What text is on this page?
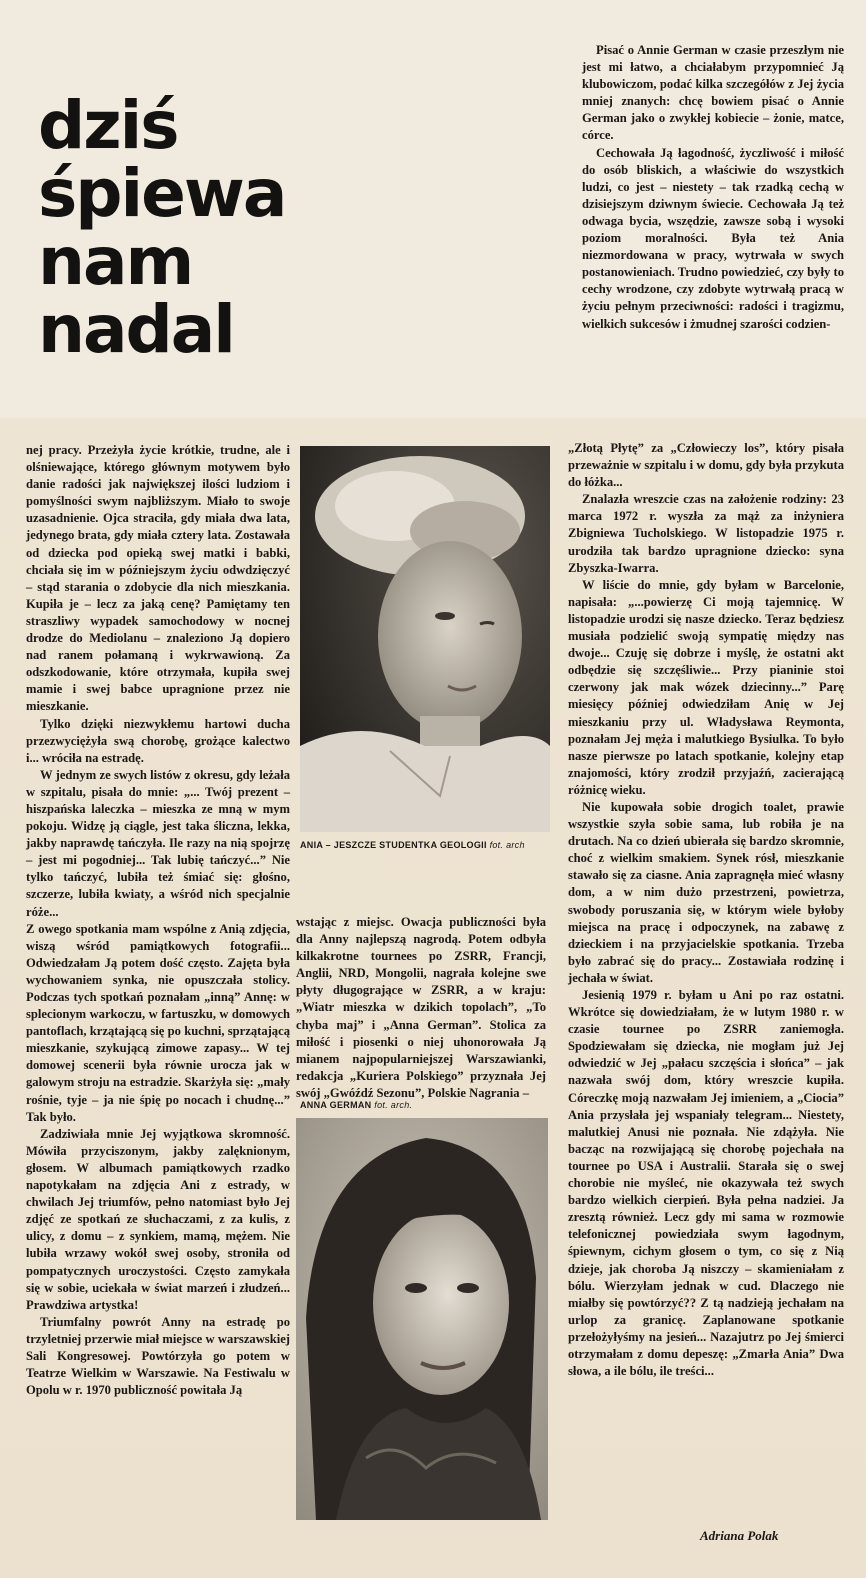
dziś
śpiewa
nam
nadal

Pisać o Annie German w czasie przeszłym nie jest mi łatwo, a chciałabym przypomnieć Ją klubowiczom, podać kilka szczegółów z Jej życia mniej znanych: chcę bowiem pisać o Annie German jako o zwykłej kobiecie – żonie, matce, córce.

Cechowała Ją łagodność, życzliwość i miłość do osób bliskich, a właściwie do wszystkich ludzi, co jest – niestety – tak rzadką cechą w dzisiejszym dziwnym świecie. Cechowała Ją też odwaga bycia, wszędzie, zawsze sobą i wysoki poziom moralności. Była też Ania niezmordowana w pracy, wytrwała w swych postanowieniach. Trudno powiedzieć, czy były to cechy wrodzone, czy zdobyte wytrwałą pracą w życiu pełnym przeciwności: radości i tragizmu, wielkich sukcesów i żmudnej szarości codzien-

nej pracy. Przeżyła życie krótkie, trudne, ale i olśniewające, którego głównym motywem było danie radości jak największej ilości ludziom i pomyślności swym najbliższym. Miało to swoje uzasadnienie. Ojca straciła, gdy miała dwa lata, jedynego brata, gdy miała cztery lata. Zostawała od dziecka pod opieką swej matki i babki, chciała się im w późniejszym życiu odwdzięczyć – stąd starania o zdobycie dla nich mieszkania. Kupiła je – lecz za jaką cenę? Pamiętamy ten straszliwy wypadek samochodowy w nocnej drodze do Mediolanu – znaleziono Ją dopiero nad ranem połamaną i wykrwawioną. Za odszkodowanie, które otrzymała, kupiła swej mamie i swej babce upragnione przez nie mieszkanie.

Tylko dzięki niezwykłemu hartowi ducha przezwyciężyła swą chorobę, grożące kalectwo i... wróciła na estradę.

W jednym ze swych listów z okresu, gdy leżała w szpitalu, pisała do mnie: „... Twój prezent – hiszpańska laleczka – mieszka ze mną w mym pokoju. Widzę ją ciągle, jest taka śliczna, lekka, jakby naprawdę tańczyła. Ile razy na nią spojrzę – jest mi pogodniej... Tak lubię tańczyć...” Nie tylko tańczyć, lubiła też śmiać się: głośno, szczerze, lubiła kwiaty, a wśród nich specjalnie róże...

Z owego spotkania mam wspólne z Anią zdjęcia, wiszą wśród pamiątkowych fotografii... Odwiedzałam Ją potem dość często. Zajęta była wychowaniem synka, nie opuszczała stolicy. Podczas tych spotkań poznałam „inną” Annę: w splecionym warkoczu, w fartuszku, w domowych pantoflach, krzątającą się po kuchni, sprzątającą mieszkanie, szykującą zimowe zapasy... W tej domowej scenerii była równie urocza jak w galowym stroju na estradzie. Skarżyła się: „mały rośnie, tyje – ja nie śpię po nocach i chudnę...” Tak było.

Zadziwiała mnie Jej wyjątkowa skromność. Mówiła przyciszonym, jakby zalęknionym, głosem. W albumach pamiątkowych rzadko napotykałam na zdjęcia Ani z estrady, w chwilach Jej triumfów, pełno natomiast było Jej zdjęć ze spotkań ze słuchaczami, z za kulis, z ulicy, z domu – z synkiem, mamą, mężem. Nie lubiła wrzawy wokół swej osoby, stroniła od pompatycznych uroczystości. Często zamykała się w sobie, uciekała w świat marzeń i złudzeń... Prawdziwa artystka!

Triumfalny powrót Anny na estradę po trzyletniej przerwie miał miejsce w warszawskiej Sali Kongresowej. Powtórzyła go potem w Teatrze Wielkim w Warszawie. Na Festiwalu w Opolu w r. 1970 publiczność powitała Ją

ANIA – JESZCZE STUDENTKA GEOLOGII fot. arch

wstając z miejsc. Owacja publiczności była dla Anny najlepszą nagrodą. Potem odbyła kilkakrotne tournees po ZSRR, Francji, Anglii, NRD, Mongolii, nagrała kolejne swe płyty długogrające w ZSRR, a w kraju: „Wiatr mieszka w dzikich topolach”, „To chyba maj” i „Anna German”. Stolica za miłość i piosenki o niej uhonorowała Ją mianem najpopularniejszej Warszawianki, redakcja „Kuriera Polskiego” przyznała Jej swój „Gwóźdź Sezonu”, Polskie Nagrania –

ANNA GERMAN fot. arch.

„Złotą Płytę” za „Człowieczy los”, który pisała przeważnie w szpitalu i w domu, gdy była przykuta do łóżka...

Znalazła wreszcie czas na założenie rodziny: 23 marca 1972 r. wyszła za mąż za inżyniera Zbigniewa Tucholskiego. W listopadzie 1975 r. urodziła tak bardzo upragnione dziecko: syna Zbyszka-Iwarra.

W liście do mnie, gdy byłam w Barcelonie, napisała: „...powierzę Ci moją tajemnicę. W listopadzie urodzi się nasze dziecko. Teraz będziesz musiała podzielić swoją sympatię między nas dwoje... Czuję się dobrze i myślę, że ostatni akt odbędzie się szczęśliwie... Przy pianinie stoi czerwony jak mak wózek dziecinny...” Parę miesięcy później odwiedziłam Anię w Jej mieszkaniu przy ul. Władysława Reymonta, poznałam Jej męża i malutkiego Bysiulka. To było nasze pierwsze po latach spotkanie, kolejny etap znajomości, który zrodził przyjaźń, zacierającą różnicę wieku.

Nie kupowała sobie drogich toalet, prawie wszystkie szyła sobie sama, lub robiła je na drutach. Na co dzień ubierała się bardzo skromnie, choć z wielkim smakiem. Synek rósł, mieszkanie stawało się za ciasne. Ania zapragnęła mieć własny dom, a w nim dużo przestrzeni, powietrza, swobody poruszania się, w którym wiele byłoby miejsca na pracę i odpoczynek, na zabawę z dzieckiem i na przyjacielskie spotkania. Trzeba było zabrać się do pracy... Zostawiała rodzinę i jechała w świat.

Jesienią 1979 r. byłam u Ani po raz ostatni. Wkrótce się dowiedziałam, że w lutym 1980 r. w czasie tournee po ZSRR zaniemogła. Spodziewałam się dziecka, nie mogłam już Jej odwiedzić w Jej „pałacu szczęścia i słońca” – jak nazwała swój dom, który wreszcie kupiła. Córeczkę moją nazwałam Jej imieniem, a „Ciocia” Ania przysłała jej wspaniały telegram... Niestety, malutkiej Anusi nie poznała. Nie zdążyła. Nie bacząc na rozwijającą się chorobę pojechała na tournee po USA i Australii. Starała się o swej chorobie nie myśleć, nie okazywała też swych bardzo wielkich cierpień. Była pełna nadziei. Ja zresztą również. Lecz gdy mi sama w rozmowie telefonicznej powiedziała swym łagodnym, śpiewnym, cichym głosem o tym, co się z Nią dzieje, jak choroba Ją niszczy – skamieniałam z bólu. Wierzyłam jednak w cud. Dlaczego nie miałby się powtórzyć?? Z tą nadzieją jechałam na urlop za granicę. Zaplanowane spotkanie przełożyłyśmy na jesień... Nazajutrz po Jej śmierci otrzymałam z domu depeszę: „Zmarła Ania” Dwa słowa, a ile bólu, ile treści...

Adriana Polak
